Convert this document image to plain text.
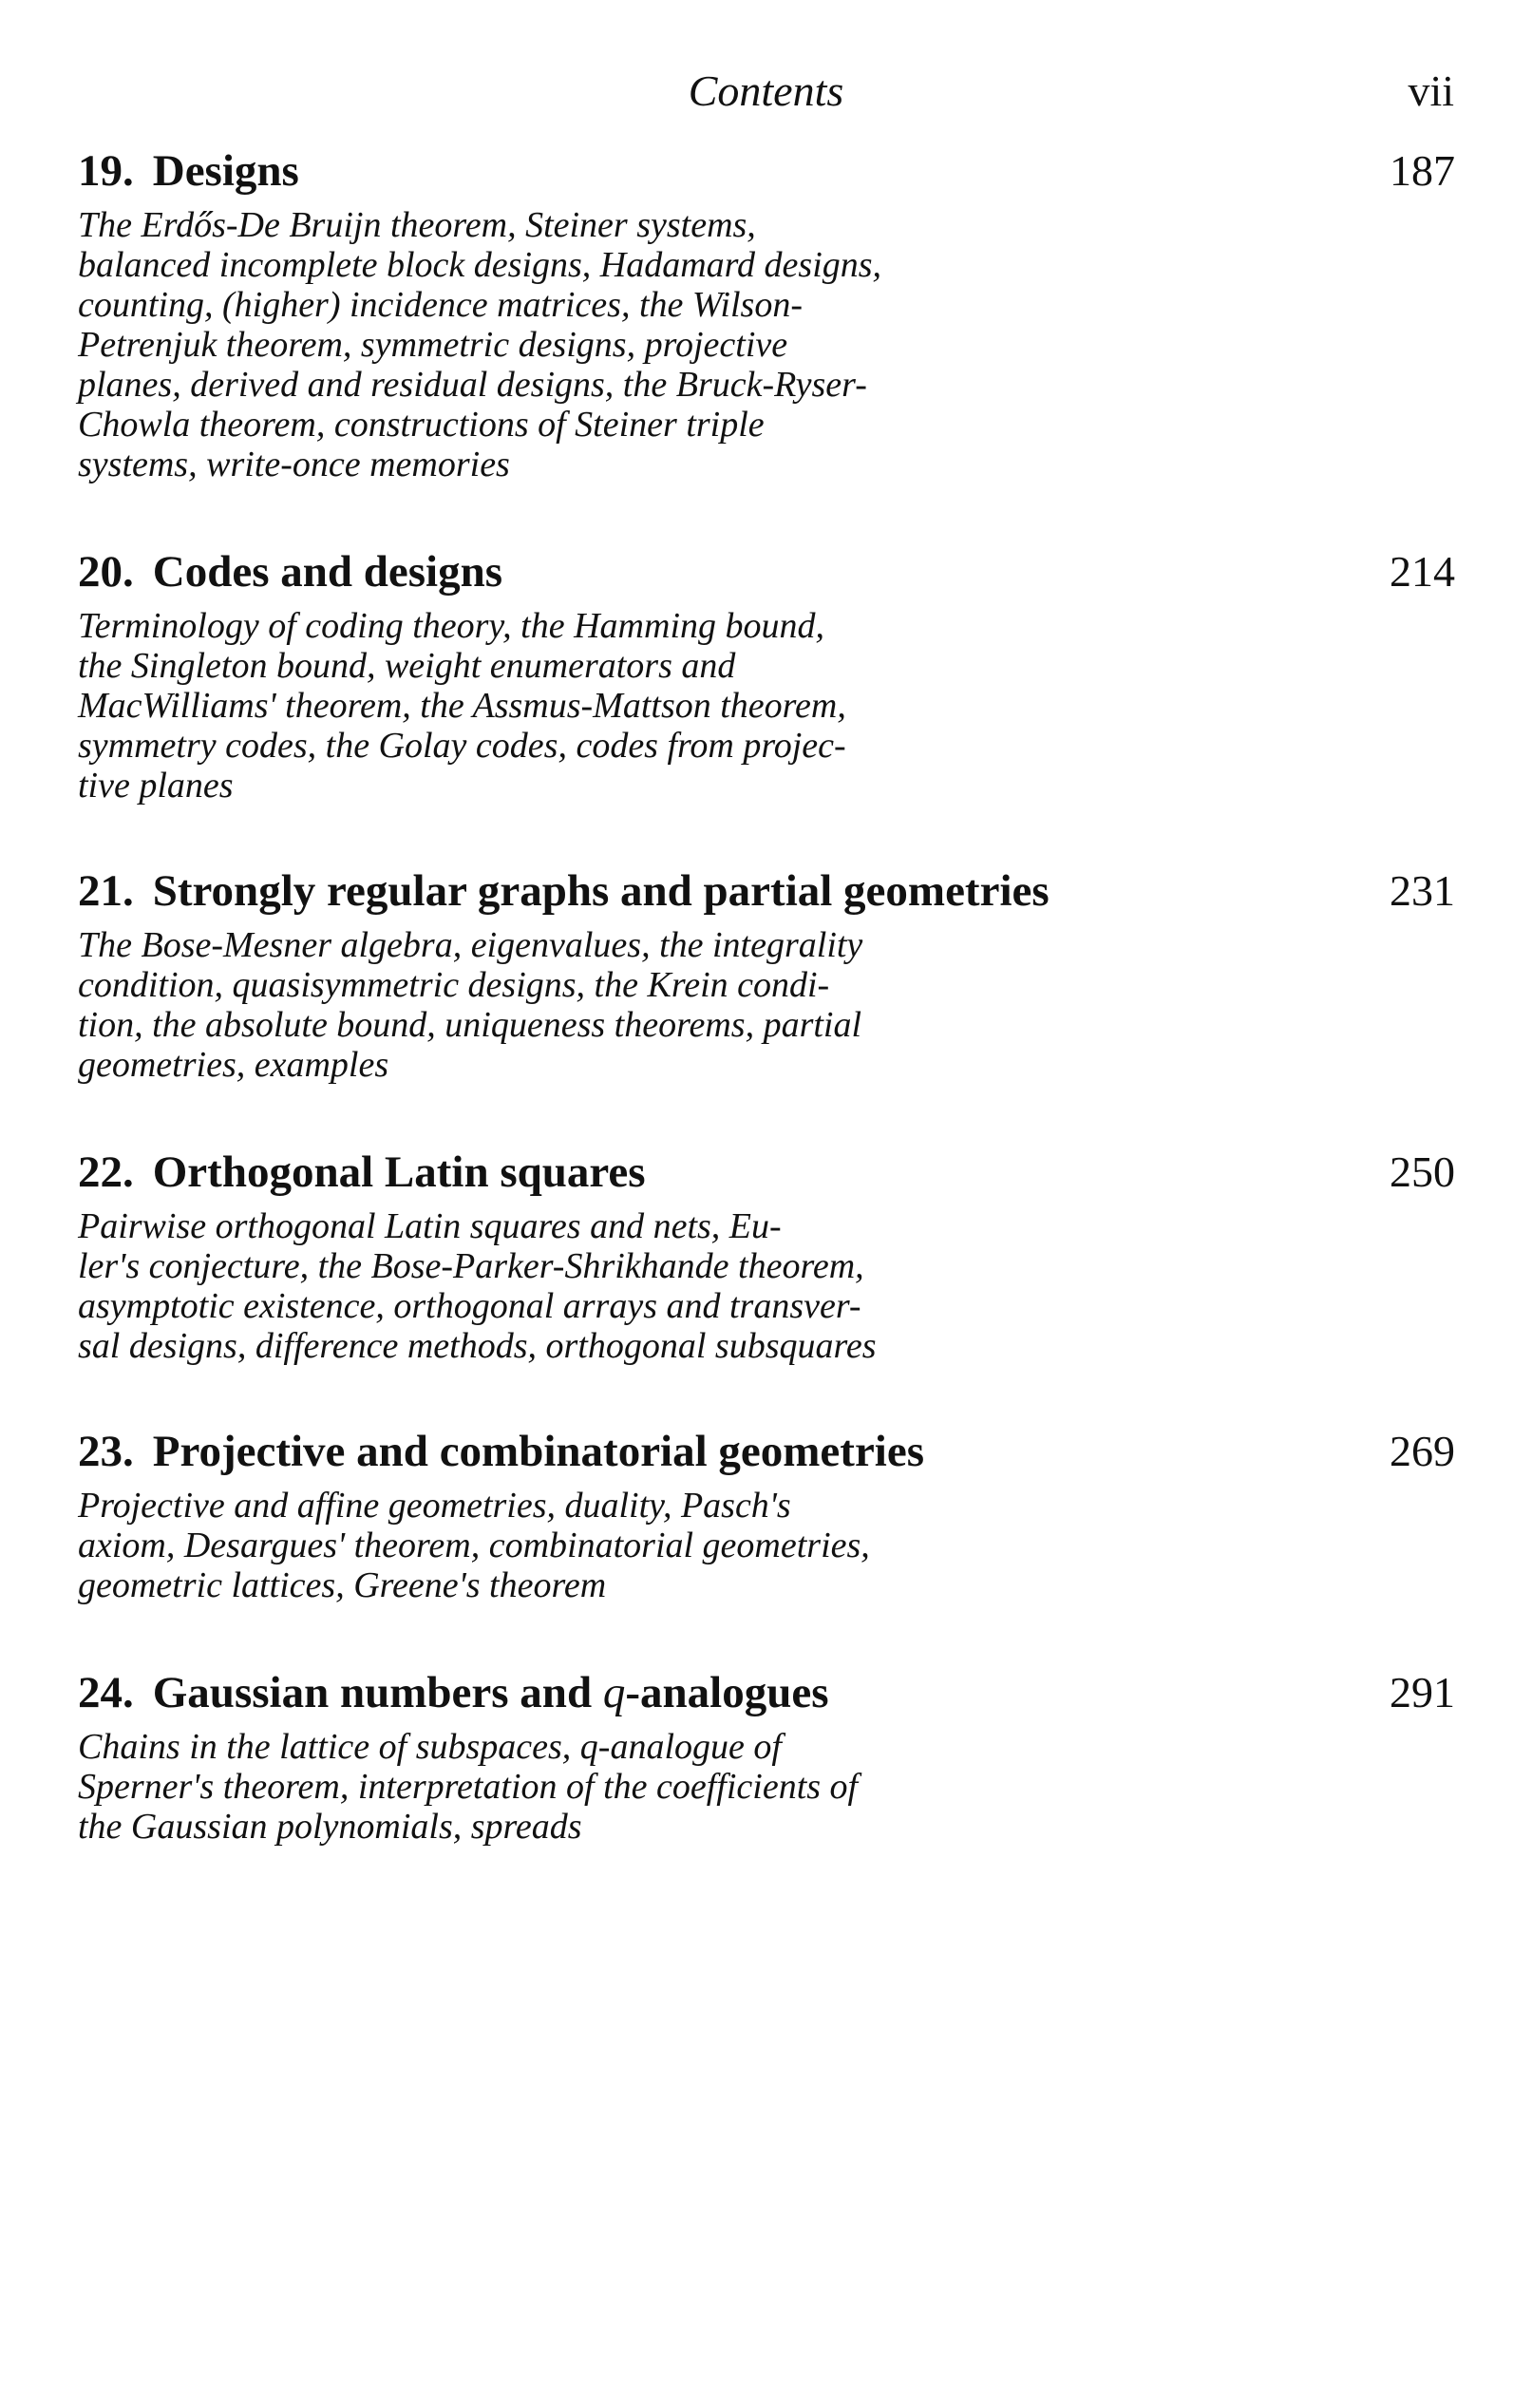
Contents	vii
19. Designs	187
The Erdős-De Bruijn theorem, Steiner systems,
balanced incomplete block designs, Hadamard designs,
counting, (higher) incidence matrices, the Wilson-
Petrenjuk theorem, symmetric designs, projective
planes, derived and residual designs, the Bruck-Ryser-
Chowla theorem, constructions of Steiner triple
systems, write-once memories
20. Codes and designs	214
Terminology of coding theory, the Hamming bound,
the Singleton bound, weight enumerators and
MacWilliams' theorem, the Assmus-Mattson theorem,
symmetry codes, the Golay codes, codes from projec-
tive planes
21. Strongly regular graphs and partial geometries	231
The Bose-Mesner algebra, eigenvalues, the integrality
condition, quasisymmetric designs, the Krein condi-
tion, the absolute bound, uniqueness theorems, partial
geometries, examples
22. Orthogonal Latin squares	250
Pairwise orthogonal Latin squares and nets, Eu-
ler's conjecture, the Bose-Parker-Shrikhande theorem,
asymptotic existence, orthogonal arrays and transver-
sal designs, difference methods, orthogonal subsquares
23. Projective and combinatorial geometries	269
Projective and affine geometries, duality, Pasch's
axiom, Desargues' theorem, combinatorial geometries,
geometric lattices, Greene's theorem
24. Gaussian numbers and q-analogues	291
Chains in the lattice of subspaces, q-analogue of
Sperner's theorem, interpretation of the coefficients of
the Gaussian polynomials, spreads
